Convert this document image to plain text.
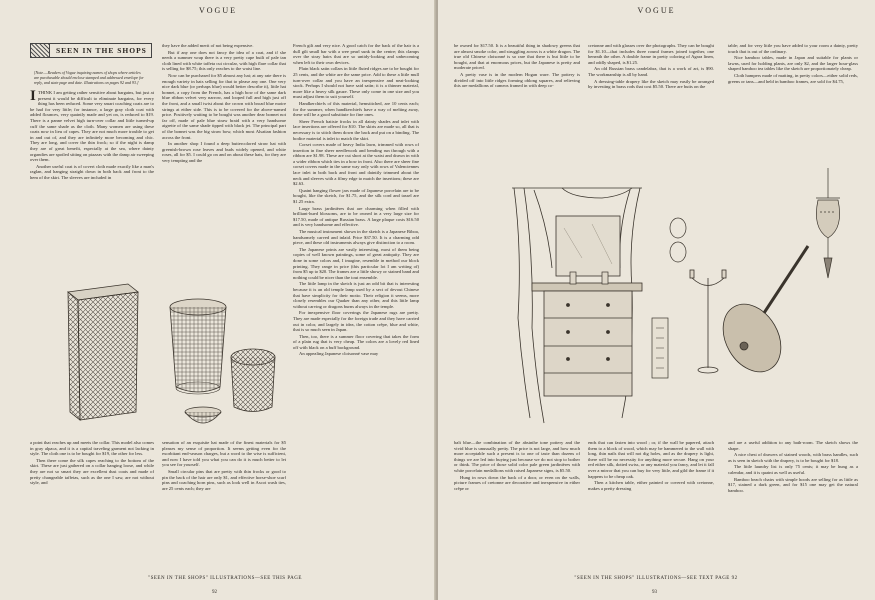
VOGUE
SEEN IN THE SHOPS
[Note.—Readers of Vogue inquiring names of shops where articles are purchasable should enclose stamped and addressed envelope for reply, and state page and date. Illustrations on pages 92 and 93.]

ITHINK I am getting rather sensitive about bargains, but just at present it would be difficult to eliminate bargains, for every thing has been reduced. Some very smart coaching coats are to be had for very little; for instance, a large gray cloth coat with added flounces, very quaintly made and yet on, is reduced to $19. There is a panne velvet high turn-over collar and little turned-up cuff the same shade as the cloth. Many women are using these coats now in lieu of capes. They are not much more trouble to get in and out of, and they are infinitely more becoming and chic. They are long, and cover the thin frock; so if the night is damp they are of great benefit, especially at the sea, where dainty organdies are spoiled sitting on piazzas with the damp air sweeping over them.

Another useful coat is of covert cloth made exactly like a man's raglan, and hanging straight down in both back and front to the hem of the skirt. The sleeves are included in

they have the added merit of not being expensive.

But if any one does not fancy the idea of a coat, and if she needs a summer wrap there is a very pretty cape built of pale tan cloth lined with white taffeta cut circular, with high flare collar that is selling for $8.75; this only reaches to the waist line.

Now can be purchased for $5 almost any hat; at any rate there is enough variety in hats selling for that to please any one. One very nice dark blue (or perhaps blue) would better describe it), little hat bonnet, a copy from the French, has a high bow of the same dark blue ribbon velvet very narrow, and looped full and high just off the front, and a small twist about the crown with broad blue moire strings at either side. This is to be covered for the above-named price. Positively waiting to be bought was another dear bonnet not far off, made of pale blue straw braid with a very handsome aigrette of the same shade tipped with black jet. The principal part of the bonnet was the big straw bow, which most Alsatian fashion across the front.

In another shop I found a deep buttercolored straw hat with greenish-brown rose leaves and buds widely opened, and white roses, all for $5. I could go on and on about these hats, for they are very tempting and the

French gilt and very nice. A good catch for the back of the hair is a dull gilt small bar with a wee pearl sunk in the centre; this clamps over the stray hairs that are so untidy-looking and unbecoming when left to their own devices.

Plain black satin collars in little fluted ridges are to be bought for 25 cents, and the white are the same price. Add to these a little mull turn-over collar and you have an inexpensive and neat-looking stock. Perhaps I should not have said satin; it is a thinner material, more like a heavy silk gauze. These only come in one size and you must adjust them to suit yourself.

Handkerchiefs of this material, hemstitched, are 10 cents each; for the summer, when handkerchiefs have a way of melting away, these will be a good substitute for fine ones.

Sheer French batiste frocks in all dainty shades and inlet with lace insertions are offered for $10. The skirts are made so, all that is necessary is to stitch them down the back and put on a binding. The bodice material is inlet to match the skirt.

Corset covers made of heavy India lawn, trimmed with rows of insertion in fine sheer needlework and bending run through with a ribbon are $1.98. These are cut short at the waist and drawn in with a wider ribbon which ties in a bow in front. Also there are sheer fine corset covers made in the same way only with rows of Valenciennes lace inlet in both back and front and daintily trimmed about the neck and sleeves with a filmy edge to match the insertions; these are $2.63.

Quaint hanging flower jars made of Japanese porcelain are to be bought, like the sketch, for $1.75, and the silk cord and tassel are $1.25 extra.

Large brass jardinières that are charming when filled with brilliant-hued blossoms, are to be owned in a very large size for $17.50, made of antique Russian brass. A large plaque costs $16.50 and is very handsome and effective.

The musical instrument shown in the sketch is a Japanese Biboa, handsomely carved and inlaid. Price $37.50. It is a charming odd piece, and these old instruments always give distinction to a room.

The Japanese prints are vastly interesting, most of them being copies of well known paintings, some of great antiquity. They are done in some colors and, I imagine, resemble in method our block printing. They range in price (this particular lot I am writing of) from $5 up to $20. The frames are a little showy or stained band and nothing could be nicer than the tout ensemble.

The little lamp in the sketch is just an odd bit that is interesting because it is an old temple lamp used by a sect of devout Chinese that have simplicity for their motto. Their religion it seems, more closely resembles our Quaker than any other, and this little lamp without carving or dragons burns always in the temple.

For inexpensive floor coverings the Japanese rugs are pretty. They are made especially for the foreign trade and they have carried out in color, and largely in idea, the cotton crêpe, blue and white, that is so much seen in Japan.

Then, too, there is a summer floor covering that takes the form of a plain rug that is very cheap. The colors are a lovely red lined off with black on a buff background.

An appealing Japanese cloisonné vase may

a point that reaches up and meets the collar. This model also comes in gray alpaca, and it is a capital traveling garment not lacking in style. The cloth one is to be bought for $19, the other for less.

Then there come the silk capes reaching to the bottom of the skirt. These are just gathered on a collar hanging loose, and while they are not so smart they are excellent dust coats and made of pretty changeable taffetas, such as the one I saw, are not without style, and

sensation of an exquisite hat made of the finest materials for $5 pleases my sense of proportion. It seems getting even for the exorbitant end-season charges, but a word to the wise is sufficient, and now I have told you what you can do it is much better to let you see for yourself.

Small circular pins that are pretty with thin frocks or good to pin the back of the hair are only $1, and effective horse-shoe scarf pins and coaching horn pins, such as look well in Ascot wash ties, are 25 cents each; they are

"SEEN IN THE SHOPS" ILLUSTRATIONS—SEE THIS PAGE
92
VOGUE

be owned for $17.50. It is a beautiful thing in shadowy greens that are almost smoke color, and struggling across is a white dragon. The true old Chinese cloisonné is so rare that there is but little to be bought, and that at enormous prices, but the Japanese is pretty and moderate priced.

A pretty vase is in the modern Hogan ware. The pottery is divided off into little ridges forming oblong squares, and relieving this are medallions of cameos framed in with deep co-

cretonne and with glasses over the photographs. They can be bought for $1.10—that includes three round frames joined together, one beneath the other. A double frame in pretty coloring of Agara linen, and oddly shaped, is $1.25.

An old Russian brass candelabra, that is a work of art, is $90. The workmanship is all by hand.

A dressing-table drapery like the sketch may easily be arranged by investing in brass rods that cost $5.50. There are butts on the

table; and for very little you have added to your room a dainty, pretty touch that is out of the ordinary.

Nice bamboo tables, made in Japan and suitable for plants or lawns, used for holding plants, are only $2, and the larger hour-glass shaped bamboo tea tables like the sketch are proportionately cheap.

Cloth hampers made of matting, in pretty colors—either solid reds, greens or tans—and held in bamboo frames, are sold for $4.75,

balt blue—the combination of the absinthe tone pottery and the vivid blue is unusually pretty. The price is not large, and how much more acceptable such a present is to one of taste than dozens of things we are led into buying just because we do not stop to bother or think. The price of those solid color pale green jardinières with white porcelain medallions with raised Japanese signs, is $5.50.

Hung in rows down the back of a door, or even on the walls, picture frames of cretonne are decorative and inexpensive in either crêpe or

ends that can fasten into wood ; or, if the wall be papered, attach them to a block of wood, which may be hammered to the wall with long, thin nails that will not dig holes, and as the drapery is light, there will be no necessity for anything more secure. Hang on your red either silk, dotted swiss, or any material you fancy, and let it fall over a mirror that you can buy for very little, and gild the frame if it happens to be cheap oak.

Then a kitchen table, either painted or covered with cretonne, makes a pretty dressing

and are a useful addition to any bath-room. The sketch shows the shape.

A nice chest of drawers of stained woods, with brass handles, such as is seen in sketch with the drapery, is to be bought for $18.

The little laundry list is only 75 cents; it may be hung as a calendar, and it is quaint as well as useful.

Bamboo beach chairs with simple hoods are selling for as little as $17, stained a dark green, and for $15 one may get the natural bamboo.

"SEEN IN THE SHOPS" ILLUSTRATIONS—SEE TEXT PAGE 92
93
